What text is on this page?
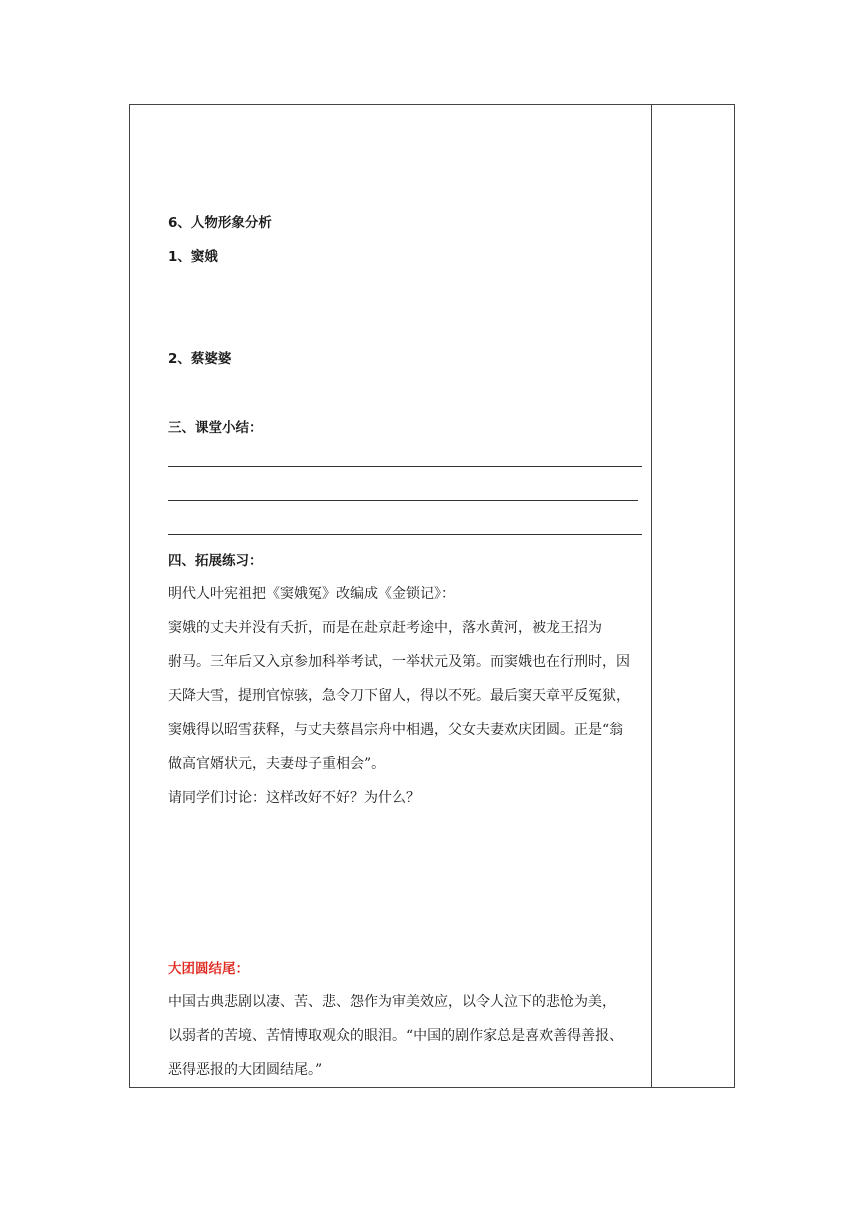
6、人物形象分析
1、窦娥
2、蔡婆婆
三、课堂小结：
四、拓展练习：
明代人叶宪祖把《窦娥冤》改编成《金锁记》：
窦娥的丈夫并没有夭折，而是在赴京赶考途中，落水黄河，被龙王招为
驸马。三年后又入京参加科举考试，一举状元及第。而窦娥也在行刑时，因
天降大雪，提刑官惊骇，急令刀下留人，得以不死。最后窦天章平反冤狱，
窦娥得以昭雪获释，与丈夫蔡昌宗舟中相遇，父女夫妻欢庆团圆。正是“翁
做高官婿状元，夫妻母子重相会”。
请同学们讨论：这样改好不好？为什么？
大团圆结尾：
中国古典悲剧以凄、苦、悲、怨作为审美效应，以令人泣下的悲怆为美，
以弱者的苦境、苦情博取观众的眼泪。“中国的剧作家总是喜欢善得善报、
恶得恶报的大团圆结尾。”
